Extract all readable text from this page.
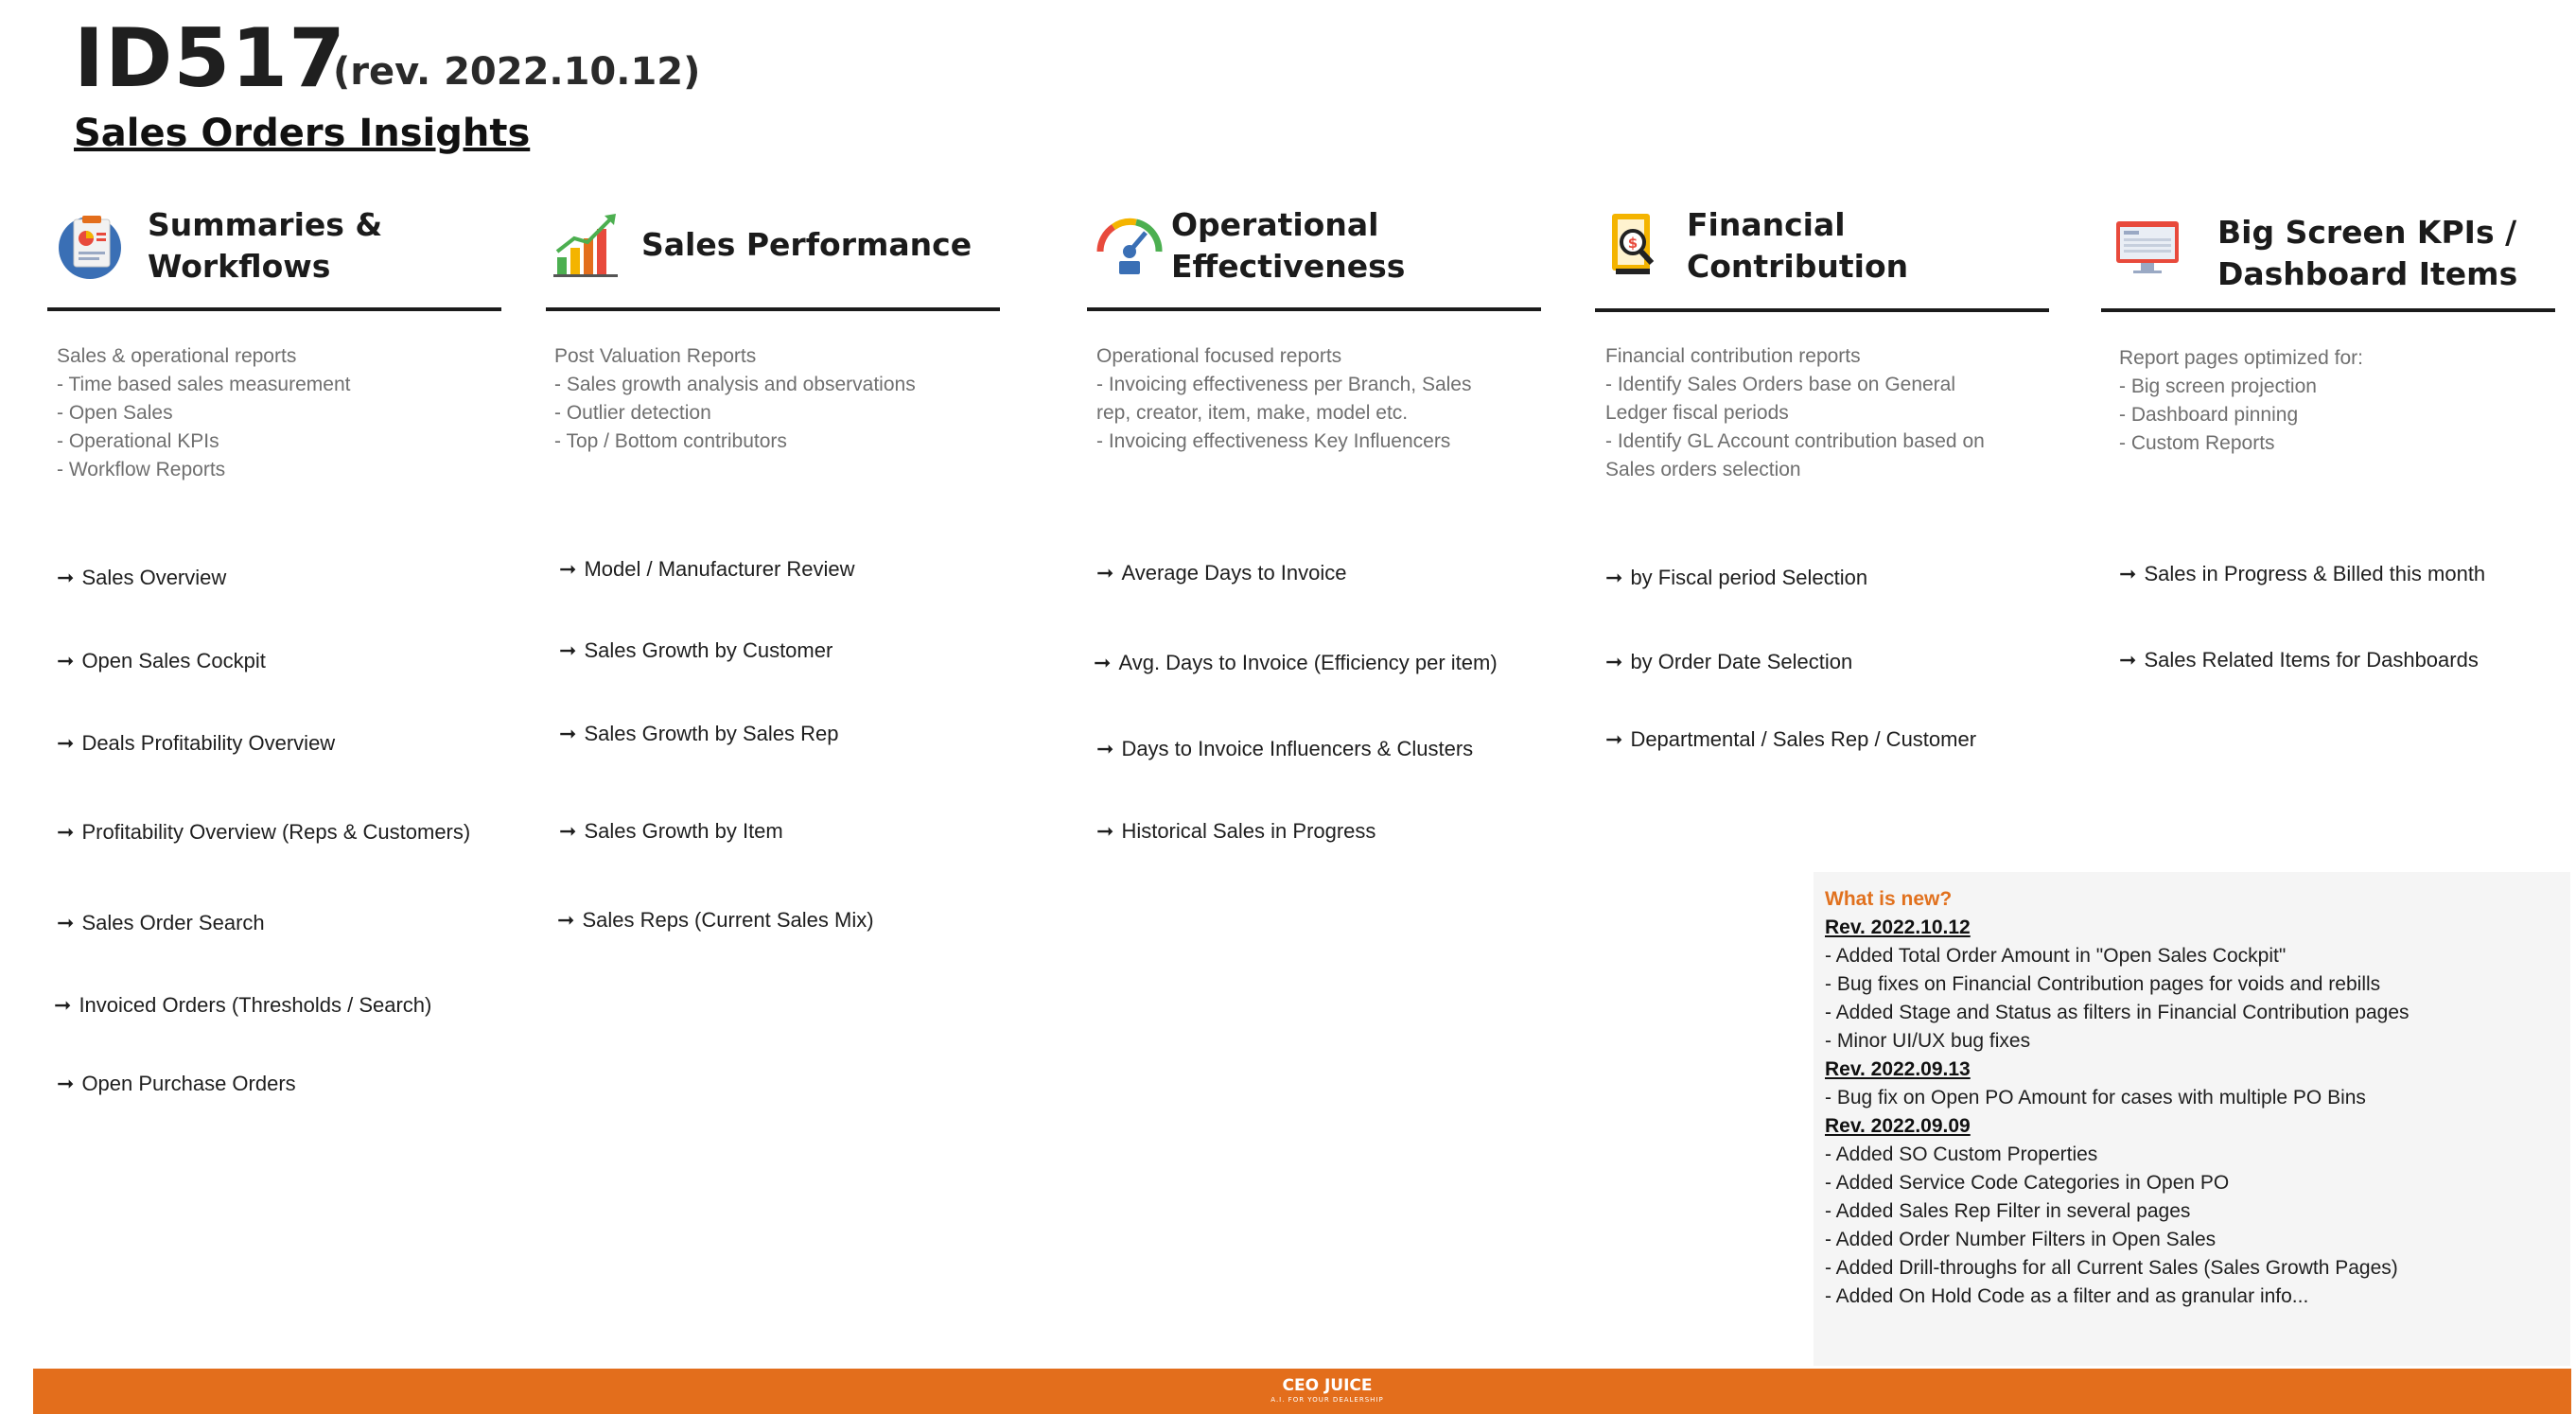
ID517
(rev. 2022.10.12)
Sales Orders Insights
Summaries &
Workflows
Sales & operational reports
- Time based sales measurement
- Open Sales
- Operational KPIs
- Workflow Reports
➞ Sales Overview
➞ Open Sales Cockpit
➞ Deals Profitability Overview
➞ Profitability Overview (Reps & Customers)
➞ Sales Order Search
➞ Invoiced Orders (Thresholds / Search)
➞ Open Purchase Orders
Sales Performance
Post Valuation Reports
- Sales growth analysis and observations
- Outlier detection
- Top / Bottom contributors
➞ Model / Manufacturer Review
➞ Sales Growth by Customer
➞ Sales Growth by Sales Rep
➞ Sales Growth by Item
➞ Sales Reps (Current Sales Mix)
Operational
Effectiveness
Operational focused reports
- Invoicing effectiveness per Branch, Sales
rep, creator, item, make, model etc.
- Invoicing effectiveness Key Influencers
➞ Average Days to Invoice
➞ Avg. Days to Invoice (Efficiency per item)
➞ Days to Invoice Influencers & Clusters
➞ Historical Sales in Progress
$ Financial
Contribution
Financial contribution reports
- Identify Sales Orders base on General
Ledger fiscal periods
- Identify GL Account contribution based on
Sales orders selection
➞ by Fiscal period Selection
➞ by Order Date Selection
➞ Departmental / Sales Rep / Customer
Big Screen KPIs /
Dashboard Items
Report pages optimized for:
- Big screen projection
- Dashboard pinning
- Custom Reports
➞ Sales in Progress & Billed this month
➞ Sales Related Items for Dashboards
What is new?
Rev. 2022.10.12
- Added Total Order Amount in "Open Sales Cockpit"
- Bug fixes on Financial Contribution pages for voids and rebills
- Added Stage and Status as filters in Financial Contribution pages
- Minor UI/UX bug fixes
Rev. 2022.09.13
- Bug fix on Open PO Amount for cases with multiple PO Bins
Rev. 2022.09.09
- Added SO Custom Properties
- Added Service Code Categories in Open PO
- Added Sales Rep Filter in several pages
- Added Order Number Filters in Open Sales
- Added Drill-throughs for all Current Sales (Sales Growth Pages)
- Added On Hold Code as a filter and as granular info...
CEO JUICE
A.I. FOR YOUR DEALERSHIP
